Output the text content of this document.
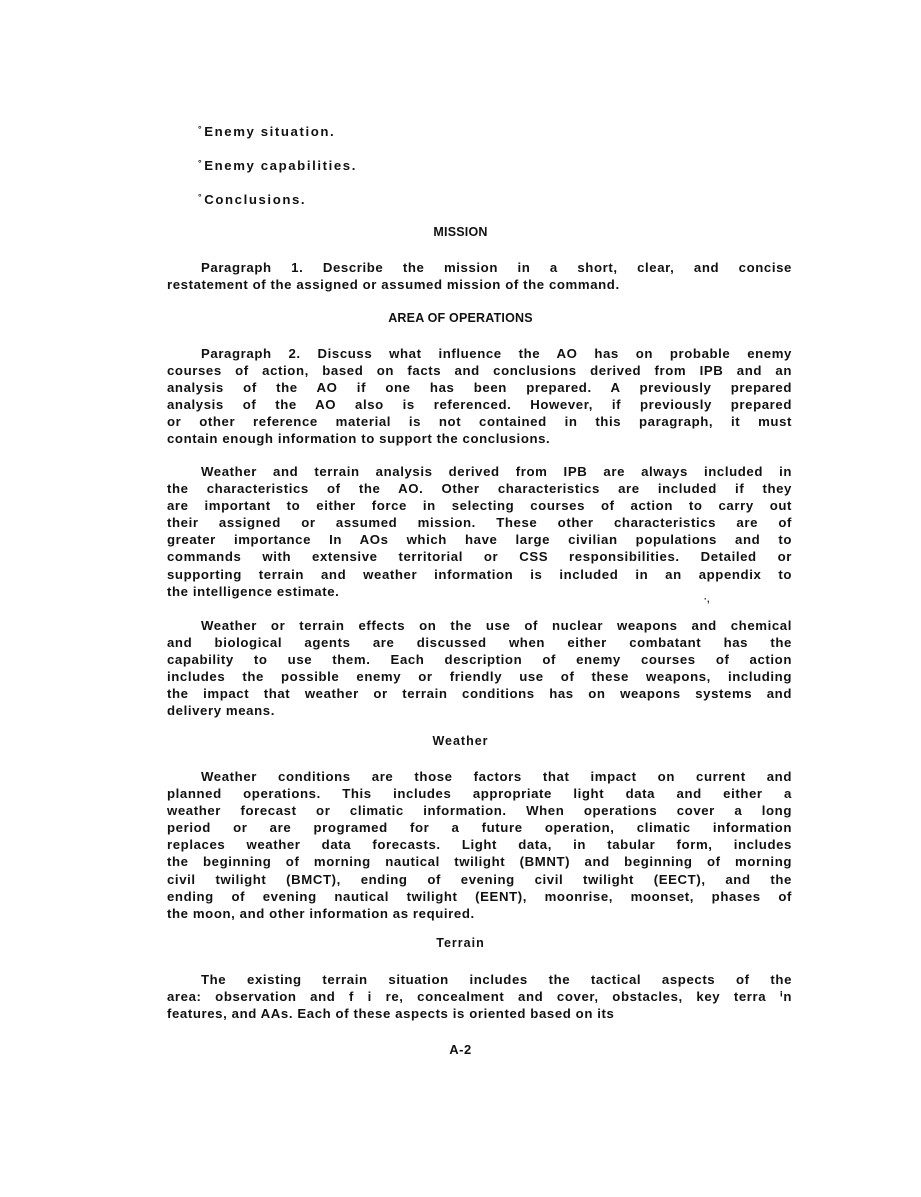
°Enemy situation.
°Enemy capabilities.
°Conclusions.
MISSION
Paragraph 1. Describe the mission in a short, clear, and concise
restatement of the assigned or assumed mission of the command.
AREA OF OPERATIONS
Paragraph 2. Discuss what influence the AO has on probable enemy
courses of action, based on facts and conclusions derived from IPB and an
analysis of the AO if one has been prepared. A previously prepared
analysis of the AO also is referenced. However, if previously prepared
or other reference material is not contained in this paragraph, it must
contain enough information to support the conclusions.
Weather and terrain analysis derived from IPB are always included in
the characteristics of the AO. Other characteristics are included if they
are important to either force in selecting courses of action to carry out
their assigned or assumed mission. These other characteristics are of
greater importance In AOs which have large civilian populations and to
commands with extensive territorial or CSS responsibilities. Detailed or
supporting terrain and weather information is included in an appendix to
the intelligence estimate.
·,
Weather or terrain effects on the use of nuclear weapons and chemical
and biological agents are discussed when either combatant has the
capability to use them. Each description of enemy courses of action
includes the possible enemy or friendly use of these weapons, including
the impact that weather or terrain conditions has on weapons systems and
delivery means.
Weather
Weather conditions are those factors that impact on current and
planned operations. This includes appropriate light data and either a
weather forecast or climatic information. When operations cover a long
period or are programed for a future operation, climatic information
replaces weather data forecasts. Light data, in tabular form, includes
the beginning of morning nautical twilight (BMNT) and beginning of morning
civil twilight (BMCT), ending of evening civil twilight (EECT), and the
ending of evening nautical twilight (EENT), moonrise, moonset, phases of
the moon, and other information as required.
Terrain
The existing terrain situation includes the tactical aspects of the
area: observation and f i re, concealment and cover, obstacles, key terra ⁱn
features, and AAs. Each of these aspects is oriented based on its
A-2
